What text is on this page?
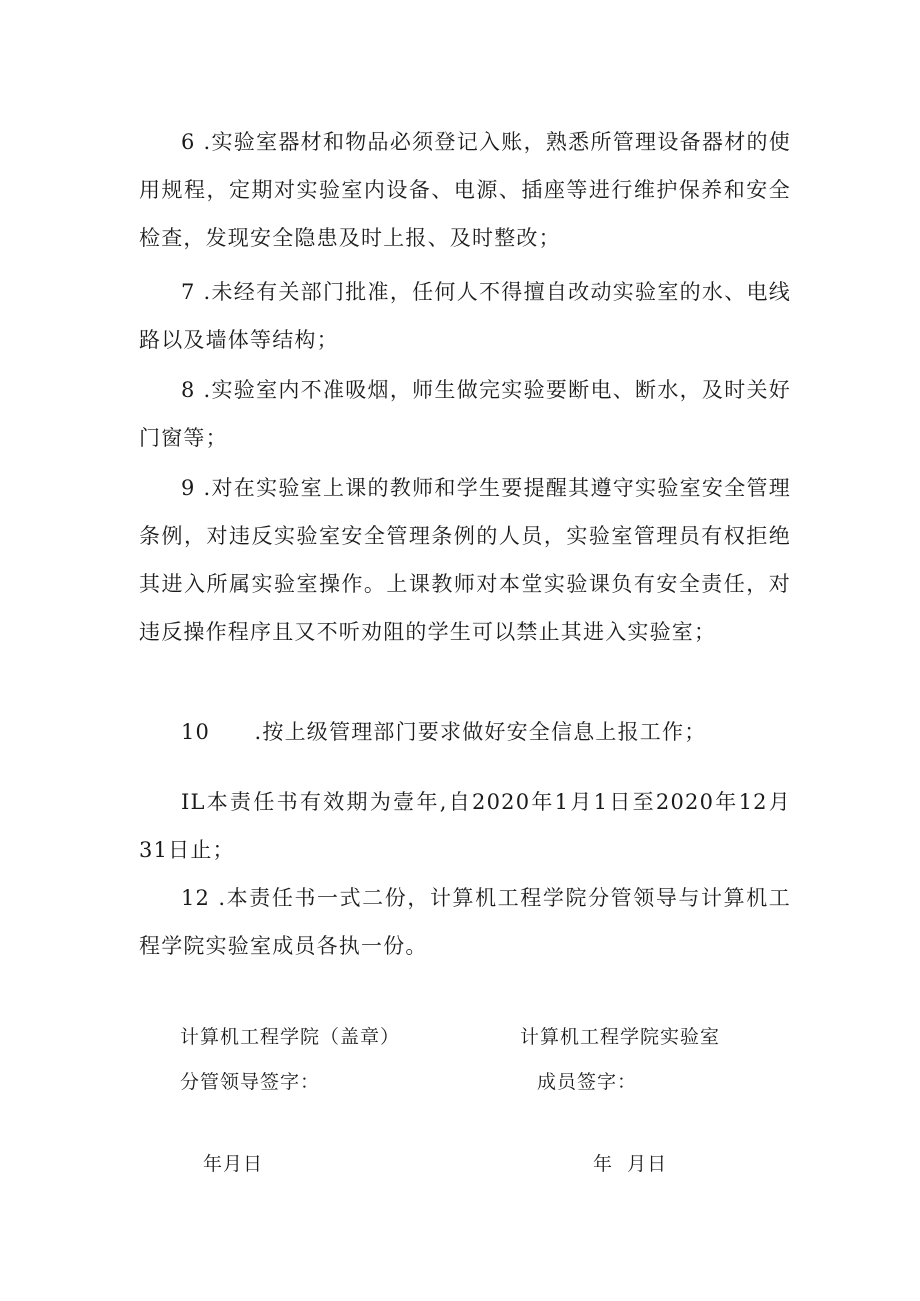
6 .实验室器材和物品必须登记入账，熟悉所管理设备器材的使用规程，定期对实验室内设备、电源、插座等进行维护保养和安全检查，发现安全隐患及时上报、及时整改；

7 .未经有关部门批准，任何人不得擅自改动实验室的水、电线路以及墙体等结构；

8 .实验室内不准吸烟，师生做完实验要断电、断水，及时关好门窗等；

9 .对在实验室上课的教师和学生要提醒其遵守实验室安全管理条例，对违反实验室安全管理条例的人员，实验室管理员有权拒绝其进入所属实验室操作。上课教师对本堂实验课负有安全责任，对违反操作程序且又不听劝阻的学生可以禁止其进入实验室；

10　　.按上级管理部门要求做好安全信息上报工作；

IL本责任书有效期为壹年,自2020年1月1日至2020年12月31日止；

12 .本责任书一式二份，计算机工程学院分管领导与计算机工程学院实验室成员各执一份。

计算机工程学院（盖章）

分管领导签字：

年月日

计算机工程学院实验室

成员签字：

年  月日
